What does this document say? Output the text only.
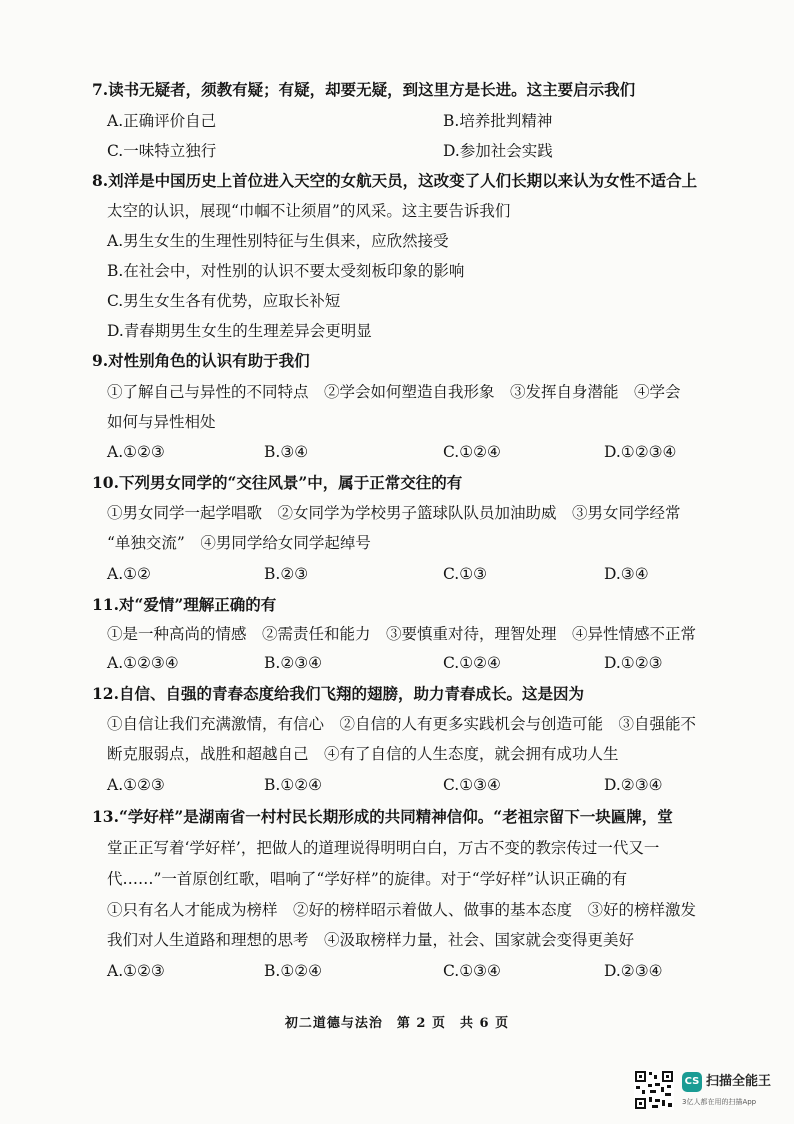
7.读书无疑者，须教有疑；有疑，却要无疑，到这里方是长进。这主要启示我们
A.正确评价自己	B.培养批判精神
C.一味特立独行	D.参加社会实践
8.刘洋是中国历史上首位进入天空的女航天员，这改变了人们长期以来认为女性不适合上
太空的认识，展现“巾帼不让须眉”的风采。这主要告诉我们
A.男生女生的生理性别特征与生俱来，应欣然接受
B.在社会中，对性别的认识不要太受刻板印象的影响
C.男生女生各有优势，应取长补短
D.青春期男生女生的生理差异会更明显
9.对性别角色的认识有助于我们
①了解自己与异性的不同特点　②学会如何塑造自我形象　③发挥自身潜能　④学会
如何与异性相处
A.①②③	B.③④	C.①②④	D.①②③④
10.下列男女同学的“交往风景”中，属于正常交往的有
①男女同学一起学唱歌　②女同学为学校男子篮球队队员加油助威　③男女同学经常
“单独交流”　④男同学给女同学起绰号
A.①②	B.②③	C.①③	D.③④
11.对“爱情”理解正确的有
①是一种高尚的情感　②需责任和能力　③要慎重对待，理智处理　④异性情感不正常
A.①②③④	B.②③④	C.①②④	D.①②③
12.自信、自强的青春态度给我们飞翔的翅膀，助力青春成长。这是因为
①自信让我们充满激情，有信心　②自信的人有更多实践机会与创造可能　③自强能不
断克服弱点，战胜和超越自己　④有了自信的人生态度，就会拥有成功人生
A.①②③	B.①②④	C.①③④	D.②③④
13.“学好样”是湖南省一村村民长期形成的共同精神信仰。“老祖宗留下一块匾牌，堂
堂正正写着‘学好样’，把做人的道理说得明明白白，万古不变的教宗传过一代又一
代……”一首原创红歌，唱响了“学好样”的旋律。对于“学好样”认识正确的有
①只有名人才能成为榜样　②好的榜样昭示着做人、做事的基本态度　③好的榜样激发
我们对人生道路和理想的思考　④汲取榜样力量，社会、国家就会变得更美好
A.①②③	B.①②④	C.①③④	D.②③④
初二道德与法治　第 2 页　共 6 页
CS 扫描全能王
3亿人都在用的扫描App
